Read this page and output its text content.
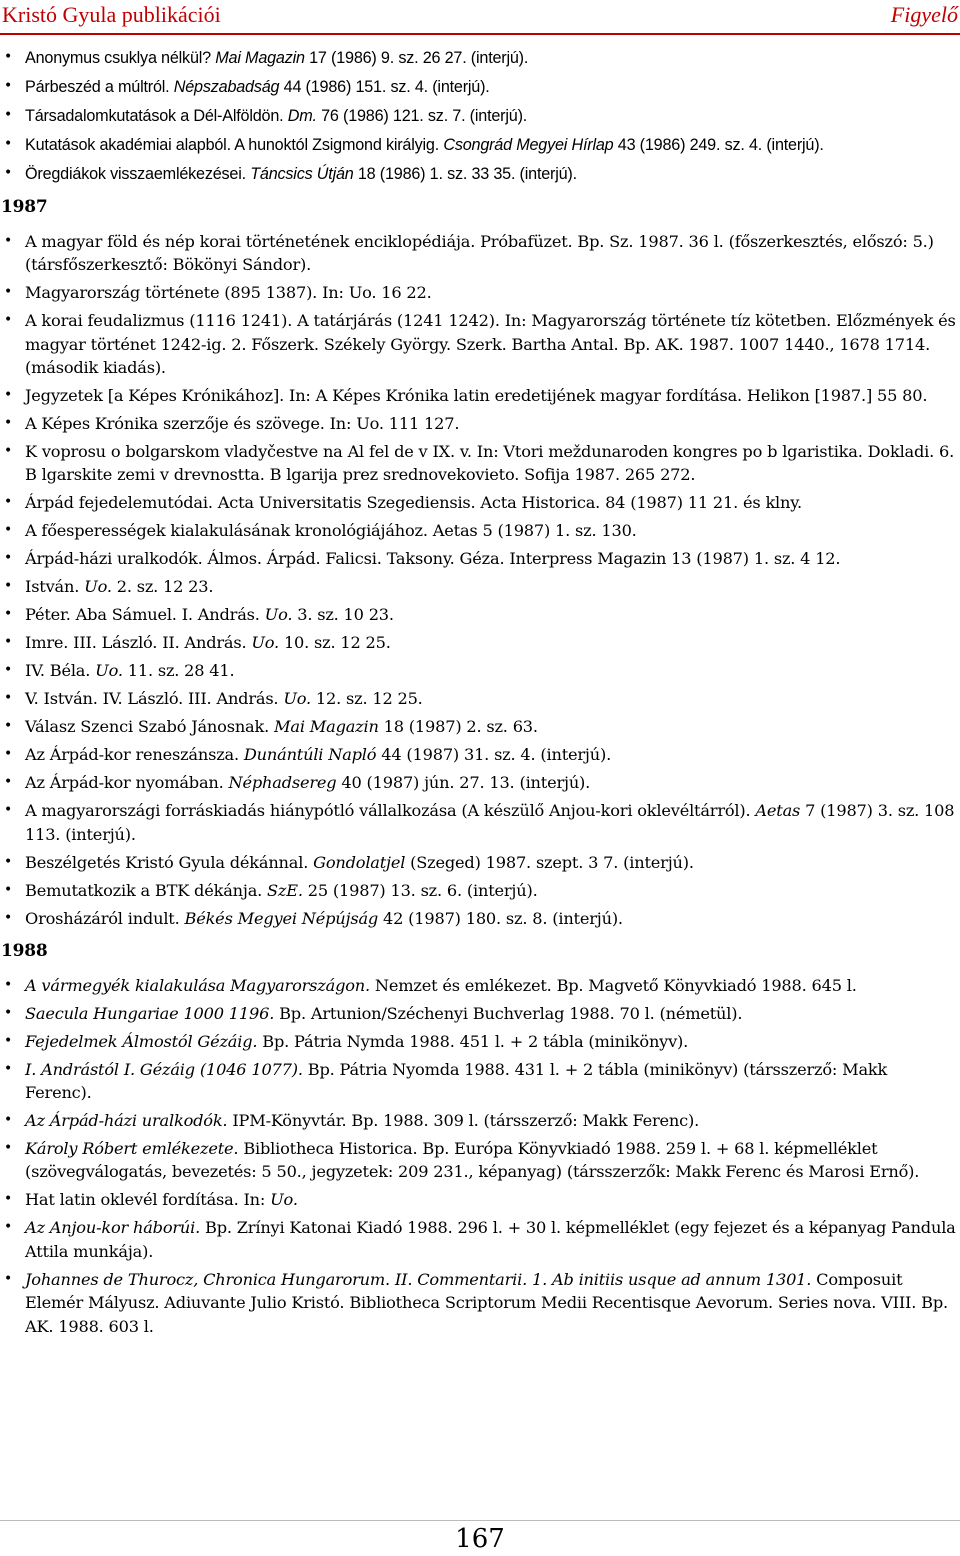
Kristó Gyula publikációi	Figyelő
• Anonymus csuklya nélkül? Mai Magazin 17 (1986) 9. sz. 26 27. (interjú).
• Párbeszéd a múltról. Népszabadság 44 (1986) 151. sz. 4. (interjú).
• Társadalomkutatások a Dél-Alföldön. Dm. 76 (1986) 121. sz. 7. (interjú).
• Kutatások akadémiai alapból. A hunoktól Zsigmond királyig. Csongrád Megyei Hírlap 43 (1986) 249. sz. 4. (interjú).
• Öregdiákok visszaemlékezései. Táncsics Útján 18 (1986) 1. sz. 33 35. (interjú).
1987
• A magyar föld és nép korai történetének enciklopédiája. Próbafüzet. Bp. Sz. 1987. 36 l. (főszerkesztés, előszó: 5.) (társfőszerkesztő: Bökönyi Sándor).
• Magyarország története (895 1387). In: Uo. 16 22.
• A korai feudalizmus (1116 1241). A tatárjárás (1241 1242). In: Magyarország története tíz kötetben. Előzmények és magyar történet 1242-ig. 2. Főszerk. Székely György. Szerk. Bartha Antal. Bp. AK. 1987. 1007 1440., 1678 1714. (második kiadás).
• Jegyzetek [a Képes Krónikához]. In: A Képes Krónika latin eredetijének magyar fordítása. Helikon [1987.] 55 80.
• A Képes Krónika szerzője és szövege. In: Uo. 111 127.
• K voprosu o bolgarskom vladyčestve na Al fel de v IX. v. In: Vtori meždunaroden kongres po b lgaristika. Dokladi. 6. B lgarskite zemi v drevnostta. B lgarija prez srednovekovieto. Sofija 1987. 265 272.
• Árpád fejedelemutódai. Acta Universitatis Szegediensis. Acta Historica. 84 (1987) 11 21. és klny.
• A főesperességek kialakulásának kronológiájához. Aetas 5 (1987) 1. sz. 130.
• Árpád-házi uralkodók. Álmos. Árpád. Falicsi. Taksony. Géza. Interpress Magazin 13 (1987) 1. sz. 4 12.
• István. Uo. 2. sz. 12 23.
• Péter. Aba Sámuel. I. András. Uo. 3. sz. 10 23.
• Imre. III. László. II. András. Uo. 10. sz. 12 25.
• IV. Béla. Uo. 11. sz. 28 41.
• V. István. IV. László. III. András. Uo. 12. sz. 12 25.
• Válasz Szenci Szabó Jánosnak. Mai Magazin 18 (1987) 2. sz. 63.
• Az Árpád-kor reneszánsza. Dunántúli Napló 44 (1987) 31. sz. 4. (interjú).
• Az Árpád-kor nyomában. Néphadsereg 40 (1987) jún. 27. 13. (interjú).
• A magyarországi forráskiadás hiánypótló vállalkozása (A készülő Anjou-kori oklevéltárról). Aetas 7 (1987) 3. sz. 108 113. (interjú).
• Beszélgetés Kristó Gyula dékánnal. Gondolatjel (Szeged) 1987. szept. 3 7. (interjú).
• Bemutatkozik a BTK dékánja. SzE. 25 (1987) 13. sz. 6. (interjú).
• Orosházáról indult. Békés Megyei Népújság 42 (1987) 180. sz. 8. (interjú).
1988
• A vármegyék kialakulása Magyarországon. Nemzet és emlékezet. Bp. Magvető Könyvkiadó 1988. 645 l.
• Saecula Hungariae 1000 1196. Bp. Artunion/Széchenyi Buchverlag 1988. 70 l. (németül).
• Fejedelmek Álmostól Gézáig. Bp. Pátria Nymda 1988. 451 l. + 2 tábla (minikönyv).
• I. Andrástól I. Gézáig (1046 1077). Bp. Pátria Nyomda 1988. 431 l. + 2 tábla (minikönyv) (társszerző: Makk Ferenc).
• Az Árpád-házi uralkodók. IPM-Könyvtár. Bp. 1988. 309 l. (társszerző: Makk Ferenc).
• Károly Róbert emlékezete. Bibliotheca Historica. Bp. Európa Könyvkiadó 1988. 259 l. + 68 l. képmelléklet (szövegválogatás, bevezetés: 5 50., jegyzetek: 209 231., képanyag) (társszerzők: Makk Ferenc és Marosi Ernő).
• Hat latin oklevél fordítása. In: Uo.
• Az Anjou-kor háborúi. Bp. Zrínyi Katonai Kiadó 1988. 296 l. + 30 l. képmelléklet (egy fejezet és a képanyag Pandula Attila munkája).
• Johannes de Thurocz, Chronica Hungarorum. II. Commentarii. 1. Ab initiis usque ad annum 1301. Composuit Elemér Mályusz. Adiuvante Julio Kristó. Bibliotheca Scriptorum Medii Recentisque Aevorum. Series nova. VIII. Bp. AK. 1988. 603 l.
167
